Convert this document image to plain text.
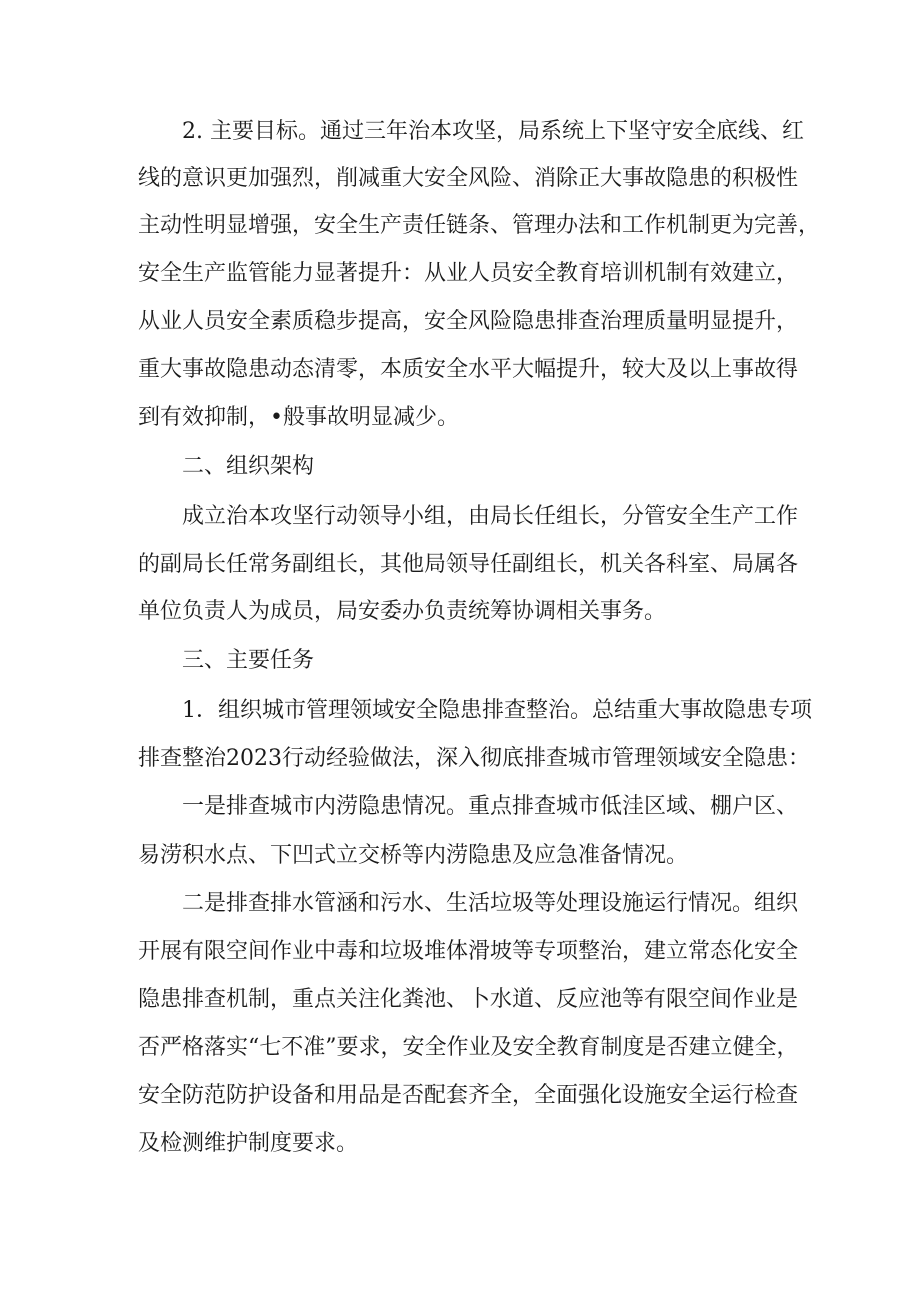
　　2. 主要目标。通过三年治本攻坚，局系统上下坚守安全底线、红
线的意识更加强烈，削减重大安全风险、消除正大事故隐患的积极性
主动性明显增强，安全生产责任链条、管理办法和工作机制更为完善，
安全生产监管能力显著提升：从业人员安全教育培训机制有效建立，
从业人员安全素质稳步提高，安全风险隐患排查治理质量明显提升，
重大事故隐患动态清零，本质安全水平大幅提升，较大及以上事故得
到有效抑制，•般事故明显减少。
二、组织架构
　　成立治本攻坚行动领导小组，由局长任组长，分管安全生产工作
的副局长任常务副组长，其他局领导任副组长，机关各科室、局属各
单位负责人为成员，局安委办负责统筹协调相关事务。
三、主要任务
　　1．组织城市管理领域安全隐患排查整治。总结重大事故隐患专项
排查整治2023行动经验做法，深入彻底排查城市管理领域安全隐患：
　　一是排查城市内涝隐患情况。重点排查城市低洼区域、棚户区、
易涝积水点、下凹式立交桥等内涝隐患及应急准备情况。
　　二是排查排水管涵和污水、生活垃圾等处理设施运行情况。组织
开展有限空间作业中毒和垃圾堆体滑坡等专项整治，建立常态化安全
隐患排查机制，重点关注化粪池、卜水道、反应池等有限空间作业是
否严格落实“七不准”要求，安全作业及安全教育制度是否建立健全，
安全防范防护设备和用品是否配套齐全，全面强化设施安全运行检查
及检测维护制度要求。
